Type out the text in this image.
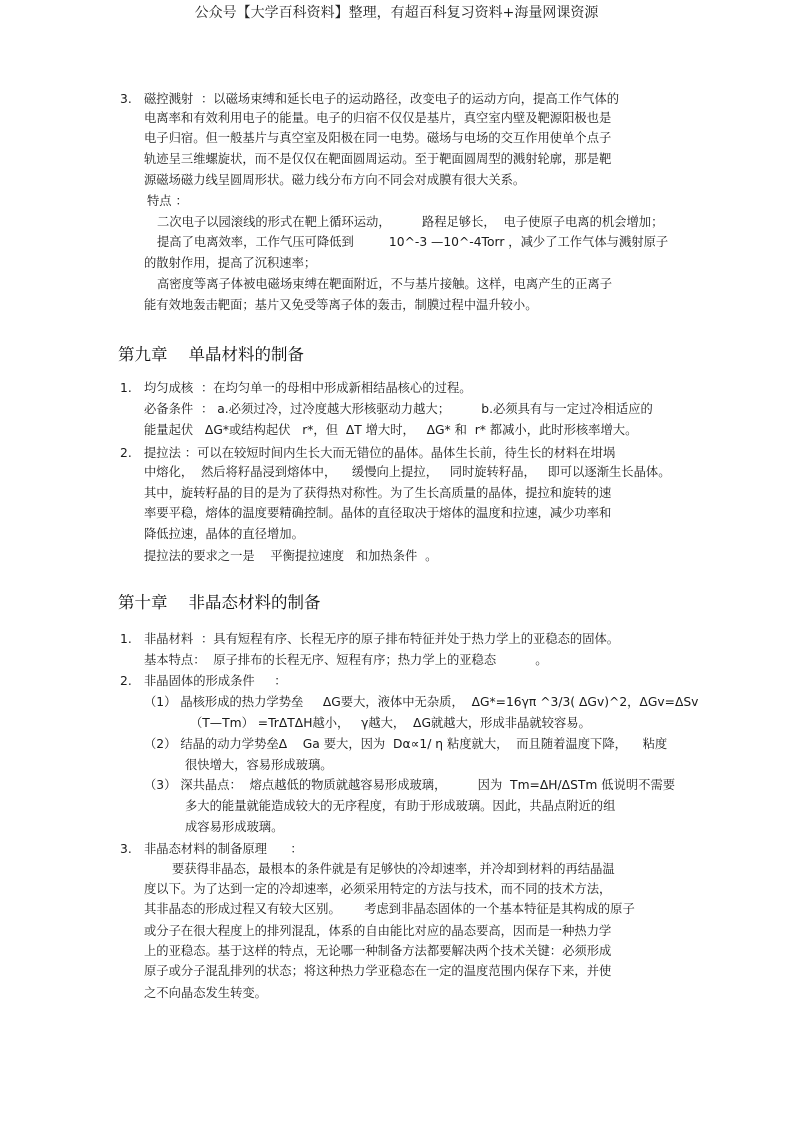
公众号【大学百科资料】整理，有超百科复习资料+海量网课资源
3. 磁控溅射  ：以磁场束缚和延长电子的运动路径，改变电子的运动方向，提高工作气体的
电离率和有效利用电子的能量。电子的归宿不仅仅是基片，真空室内壁及靶源阳极也是
电子归宿。但一般基片与真空室及阳极在同一电势。磁场与电场的交互作用使单个点子
轨迹呈三维螺旋状，而不是仅仅在靶面圆周运动。至于靶面圆周型的溅射轮廓，那是靶
源磁场磁力线呈圆周形状。磁力线分布方向不同会对成膜有很大关系。
特点 ：
二次电子以园滚线的形式在靶上循环运动，        路程足够长，  电子使原子电离的机会增加；
提高了电离效率，工作气压可降低到         10^-3 —10^-4Torr ，减少了工作气体与溅射原子
的散射作用，提高了沉积速率；
高密度等离子体被电磁场束缚在靶面附近，不与基片接触。这样，电离产生的正离子
能有效地轰击靶面；基片又免受等离子体的轰击，制膜过程中温升较小。
第九章    单晶材料的制备
1. 均匀成核  ：在均匀单一的母相中形成新相结晶核心的过程。
必备条件  ： a.必须过冷，过冷度越大形核驱动力越大；        b.必须具有与一定过冷相适应的
能量起伏   ΔG*或结构起伏   r*，但  ΔT 增大时，   ΔG* 和  r* 都减小，此时形核率增大。
2. 提拉法 ：可以在较短时间内生长大而无错位的晶体。晶体生长前，待生长的材料在坩埚
中熔化，  然后将籽晶浸到熔体中，    缓慢向上提拉，   同时旋转籽晶，   即可以逐渐生长晶体。
其中，旋转籽晶的目的是为了获得热对称性。为了生长高质量的晶体，提拉和旋转的速
率要平稳，熔体的温度要精确控制。晶体的直径取决于熔体的温度和拉速，减少功率和
降低拉速，晶体的直径增加。
提拉法的要求之一是    平衡提拉速度   和加热条件  。
第十章    非晶态材料的制备
1. 非晶材料  ：具有短程有序、长程无序的原子排布特征并处于热力学上的亚稳态的固体。
基本特点：  原子排布的长程无序、短程有序；热力学上的亚稳态          。
2. 非晶固体的形成条件     ：
（1） 晶核形成的热力学势垒     ΔG要大，液体中无杂质，  ΔG*=16γπ ^3/3( ΔGv)^2，ΔGv=ΔSv
（T—Tm） =TrΔTΔH越小，   γ越大，  ΔG就越大，形成非晶就较容易。
（2） 结晶的动力学势垒Δ    Ga 要大，因为  Dα∝1/ η 粘度就大，  而且随着温度下降，    粘度
很快增大，容易形成玻璃。
（3） 深共晶点：  熔点越低的物质就越容易形成玻璃，        因为  Tm=ΔH/ΔSTm 低说明不需要
多大的能量就能造成较大的无序程度，有助于形成玻璃。因此，共晶点附近的组
成容易形成玻璃。
3. 非晶态材料的制备原理      ：
要获得非晶态，最根本的条件就是有足够快的冷却速率，并冷却到材料的再结晶温
度以下。为了达到一定的冷却速率，必须采用特定的方法与技术，而不同的技术方法，
其非晶态的形成过程又有较大区别。      考虑到非晶态固体的一个基本特征是其构成的原子
或分子在很大程度上的排列混乱，体系的自由能比对应的晶态要高，因而是一种热力学
上的亚稳态。基于这样的特点，无论哪一种制备方法都要解决两个技术关键：必须形成
原子或分子混乱排列的状态；将这种热力学亚稳态在一定的温度范围内保存下来，并使
之不向晶态发生转变。
